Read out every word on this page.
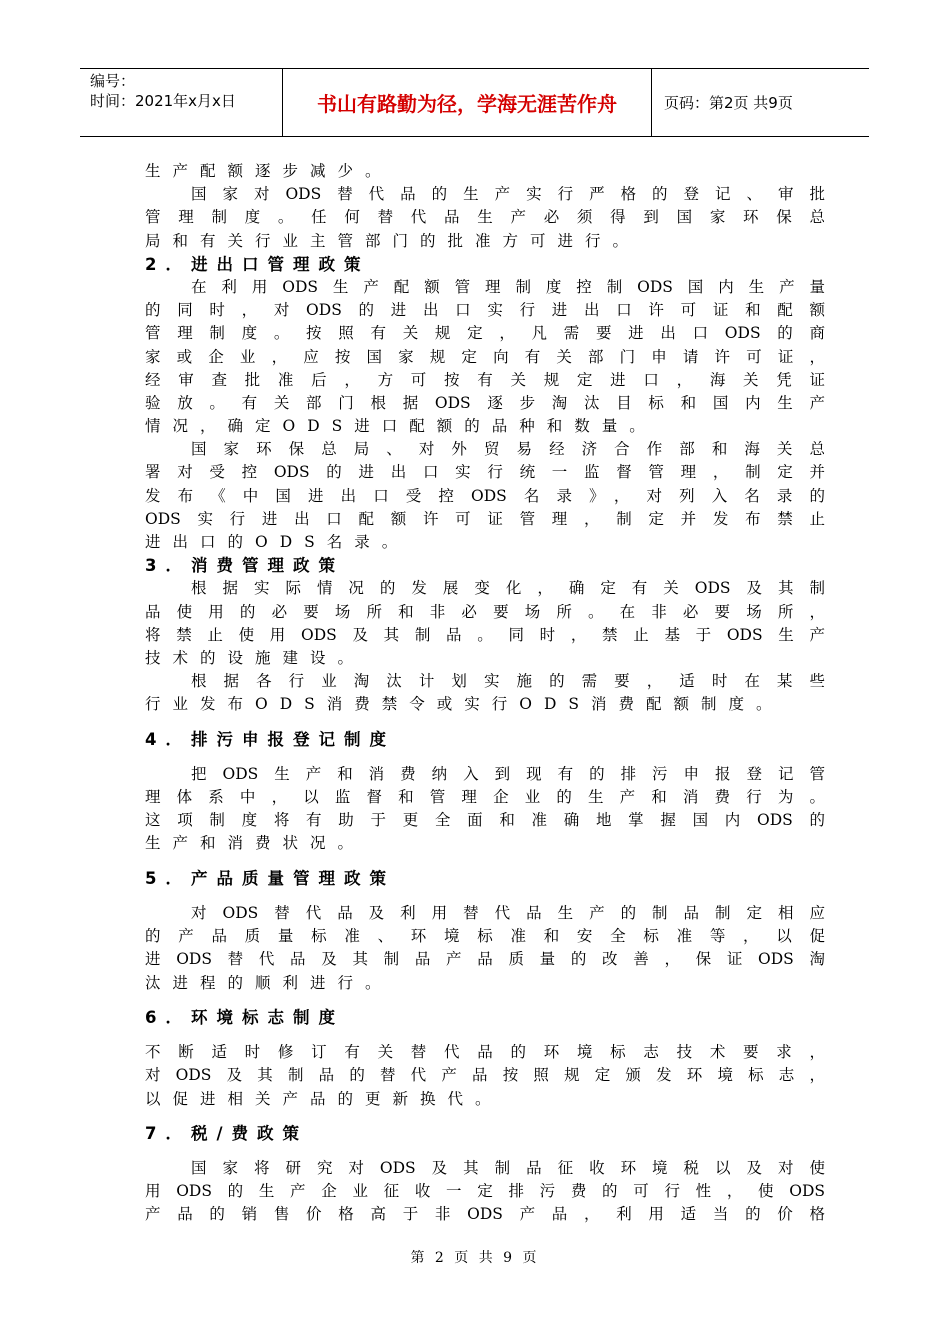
编号：
时间：2021年x月x日	书山有路勤为径，学海无涯苦作舟	页码：第2页 共9页
生产配额逐步减少。
国家对ODS替代品的生产实行严格的登记、审批
管理制度。任何替代品生产必须得到国家环保总
局和有关行业主管部门的批准方可进行。
2．进出口管理政策
在利用ODS生产配额管理制度控制ODS国内生产量
的同时，对ODS的进出口实行进出口许可证和配额
管理制度。按照有关规定，凡需要进出口ODS的商
家或企业，应按国家规定向有关部门申请许可证，
经审查批准后，方可按有关规定进口，海关凭证
验放。有关部门根据ODS逐步淘汰目标和国内生产
情况，确定ODS进口配额的品种和数量。
国家环保总局、对外贸易经济合作部和海关总
署对受控ODS的进出口实行统一监督管理，制定并
发布《中国进出口受控ODS名录》，对列入名录的
ODS实行进出口配额许可证管理，制定并发布禁止
进出口的ODS名录。
3．消费管理政策
根据实际情况的发展变化，确定有关ODS及其制
品使用的必要场所和非必要场所。在非必要场所，
将禁止使用ODS及其制品。同时，禁止基于ODS生产
技术的设施建设。
根据各行业淘汰计划实施的需要，适时在某些
行业发布ODS消费禁令或实行ODS消费配额制度。
4．排污申报登记制度
把ODS生产和消费纳入到现有的排污申报登记管
理体系中，以监督和管理企业的生产和消费行为。
这项制度将有助于更全面和准确地掌握国内ODS的
生产和消费状况。
5．产品质量管理政策
对ODS替代品及利用替代品生产的制品制定相应
的产品质量标准、环境标准和安全标准等，以促
进ODS替代品及其制品产品质量的改善，保证ODS淘
汰进程的顺利进行。
6．环境标志制度
不断适时修订有关替代品的环境标志技术要求，
对ODS及其制品的替代产品按照规定颁发环境标志，
以促进相关产品的更新换代。
7．税/费政策
国家将研究对ODS及其制品征收环境税以及对使
用ODS的生产企业征收一定排污费的可行性，使ODS
产品的销售价格高于非ODS产品，利用适当的价格
第 2 页 共 9 页
